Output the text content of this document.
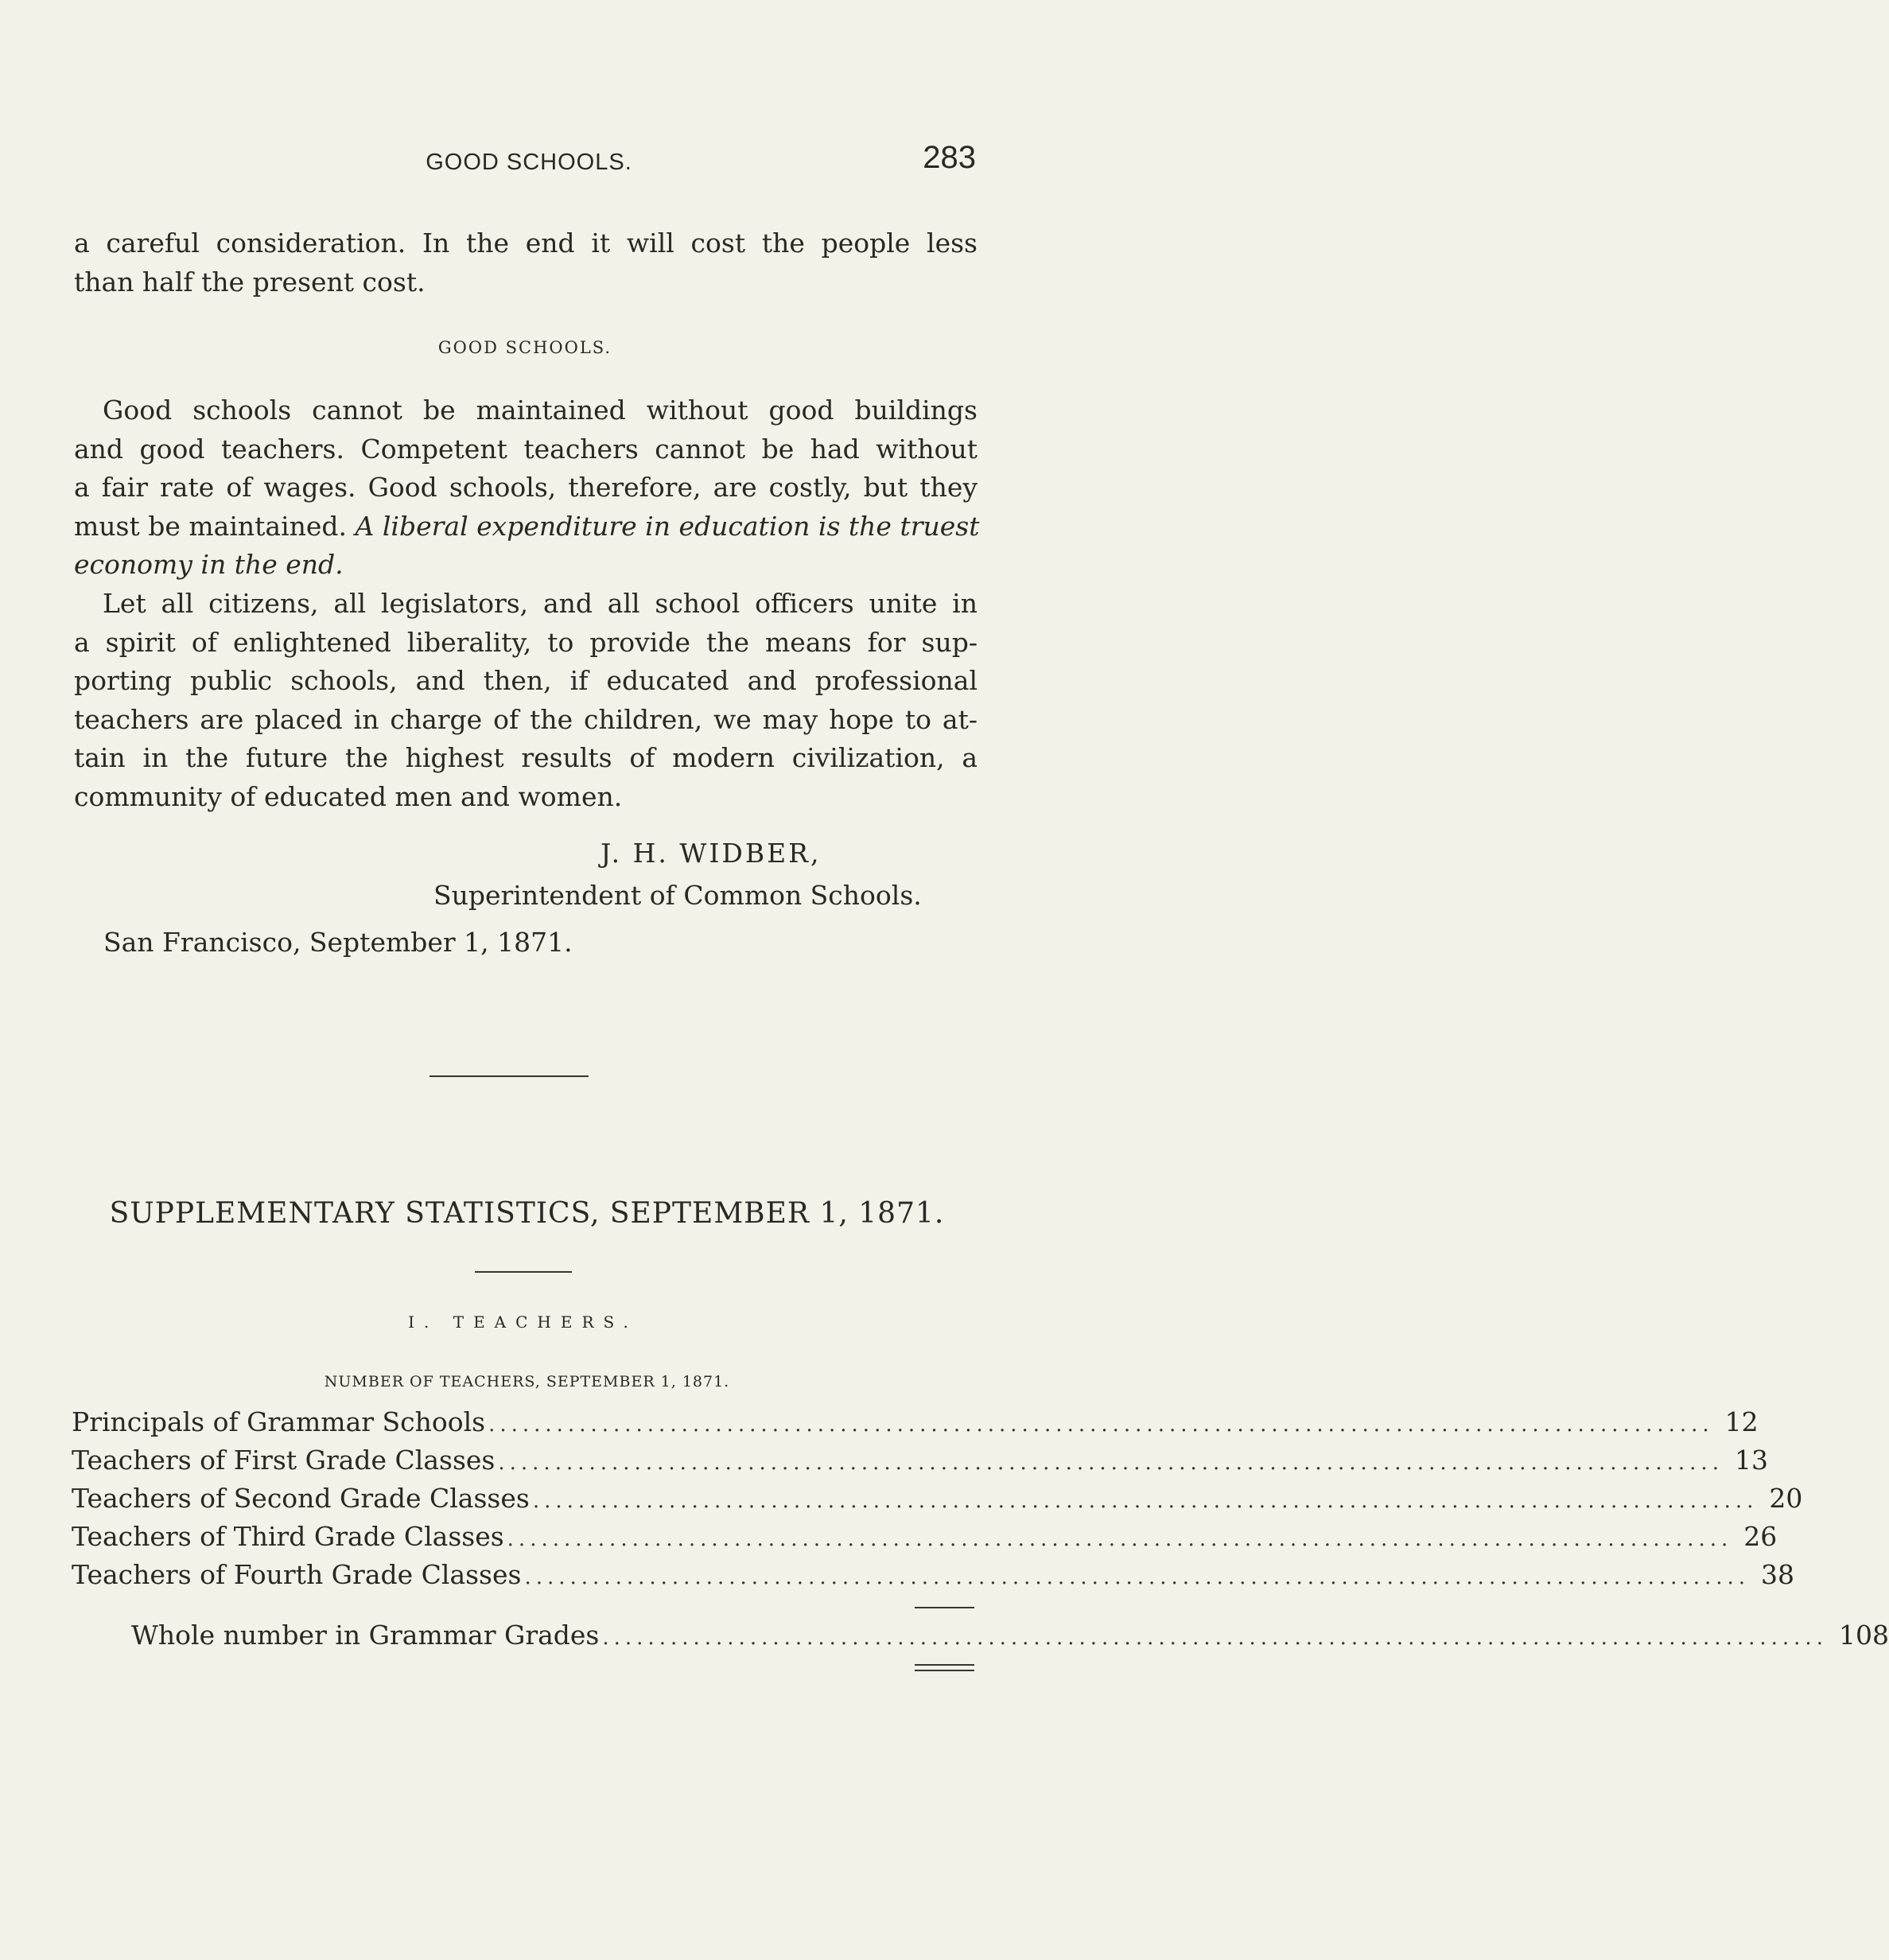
GOOD SCHOOLS.	283
a careful consideration. In the end it will cost the people less
than half the present cost.
GOOD SCHOOLS.
Good schools cannot be maintained without good buildings
and good teachers. Competent teachers cannot be had without
a fair rate of wages. Good schools, therefore, are costly, but they
must be maintained. A liberal expenditure in education is the truest
economy in the end.
Let all citizens, all legislators, and all school officers unite in
a spirit of enlightened liberality, to provide the means for sup-
porting public schools, and then, if educated and professional
teachers are placed in charge of the children, we may hope to at-
tain in the future the highest results of modern civilization, a
community of educated men and women.
J. H. WIDBER,
Superintendent of Common Schools.
San Francisco, September 1, 1871.
SUPPLEMENTARY STATISTICS, SEPTEMBER 1, 1871.
I. TEACHERS.
NUMBER OF TEACHERS, SEPTEMBER 1, 1871.
Principals of Grammar Schools ............................................................................................................ 12
Teachers of First Grade Classes ............................................................................................................ 13
Teachers of Second Grade Classes ............................................................................................................ 20
Teachers of Third Grade Classes ............................................................................................................ 26
Teachers of Fourth Grade Classes ............................................................................................................ 38
Whole number in Grammar Grades ............................................................................................................ 108
